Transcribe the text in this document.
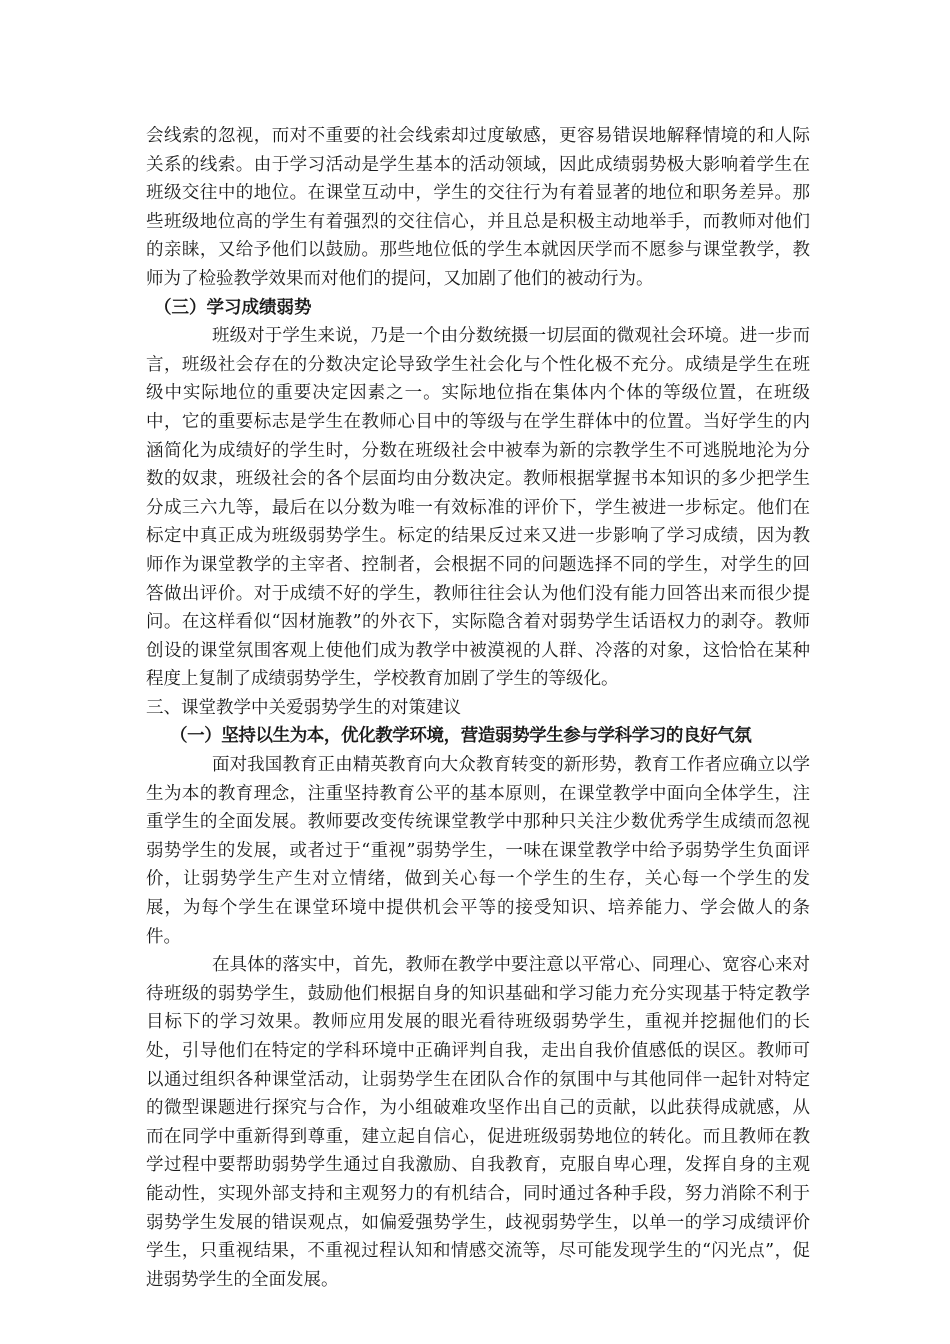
会线索的忽视，而对不重要的社会线索却过度敏感，更容易错误地解释情境的和人际关系的线索。由于学习活动是学生基本的活动领域，因此成绩弱势极大影响着学生在班级交往中的地位。在课堂互动中，学生的交往行为有着显著的地位和职务差异。那些班级地位高的学生有着强烈的交往信心，并且总是积极主动地举手，而教师对他们的亲睐，又给予他们以鼓励。那些地位低的学生本就因厌学而不愿参与课堂教学，教师为了检验教学效果而对他们的提问，又加剧了他们的被动行为。

（三）学习成绩弱势

班级对于学生来说，乃是一个由分数统摄一切层面的微观社会环境。进一步而言，班级社会存在的分数决定论导致学生社会化与个性化极不充分。成绩是学生在班级中实际地位的重要决定因素之一。实际地位指在集体内个体的等级位置，在班级中，它的重要标志是学生在教师心目中的等级与在学生群体中的位置。当好学生的内涵简化为成绩好的学生时，分数在班级社会中被奉为新的宗教学生不可逃脱地沦为分数的奴隶，班级社会的各个层面均由分数决定。教师根据掌握书本知识的多少把学生分成三六九等，最后在以分数为唯一有效标准的评价下，学生被进一步标定。他们在标定中真正成为班级弱势学生。标定的结果反过来又进一步影响了学习成绩，因为教师作为课堂教学的主宰者、控制者，会根据不同的问题选择不同的学生，对学生的回答做出评价。对于成绩不好的学生，教师往往会认为他们没有能力回答出来而很少提问。在这样看似“因材施教”的外衣下，实际隐含着对弱势学生话语权力的剥夺。教师创设的课堂氛围客观上使他们成为教学中被漠视的人群、冷落的对象，这恰恰在某种程度上复制了成绩弱势学生，学校教育加剧了学生的等级化。

三、课堂教学中关爱弱势学生的对策建议

（一）坚持以生为本，优化教学环境，营造弱势学生参与学科学习的良好气氛

面对我国教育正由精英教育向大众教育转变的新形势，教育工作者应确立以学生为本的教育理念，注重坚持教育公平的基本原则，在课堂教学中面向全体学生，注重学生的全面发展。教师要改变传统课堂教学中那种只关注少数优秀学生成绩而忽视弱势学生的发展，或者过于“重视”弱势学生，一味在课堂教学中给予弱势学生负面评价，让弱势学生产生对立情绪，做到关心每一个学生的生存，关心每一个学生的发展，为每个学生在课堂环境中提供机会平等的接受知识、培养能力、学会做人的条件。

在具体的落实中，首先，教师在教学中要注意以平常心、同理心、宽容心来对待班级的弱势学生，鼓励他们根据自身的知识基础和学习能力充分实现基于特定教学目标下的学习效果。教师应用发展的眼光看待班级弱势学生，重视并挖掘他们的长处，引导他们在特定的学科环境中正确评判自我，走出自我价值感低的误区。教师可以通过组织各种课堂活动，让弱势学生在团队合作的氛围中与其他同伴一起针对特定的微型课题进行探究与合作，为小组破难攻坚作出自己的贡献，以此获得成就感，从而在同学中重新得到尊重，建立起自信心，促进班级弱势地位的转化。而且教师在教学过程中要帮助弱势学生通过自我激励、自我教育，克服自卑心理，发挥自身的主观能动性，实现外部支持和主观努力的有机结合，同时通过各种手段，努力消除不利于弱势学生发展的错误观点，如偏爱强势学生，歧视弱势学生，以单一的学习成绩评价学生，只重视结果，不重视过程认知和情感交流等，尽可能发现学生的“闪光点”，促进弱势学生的全面发展。
